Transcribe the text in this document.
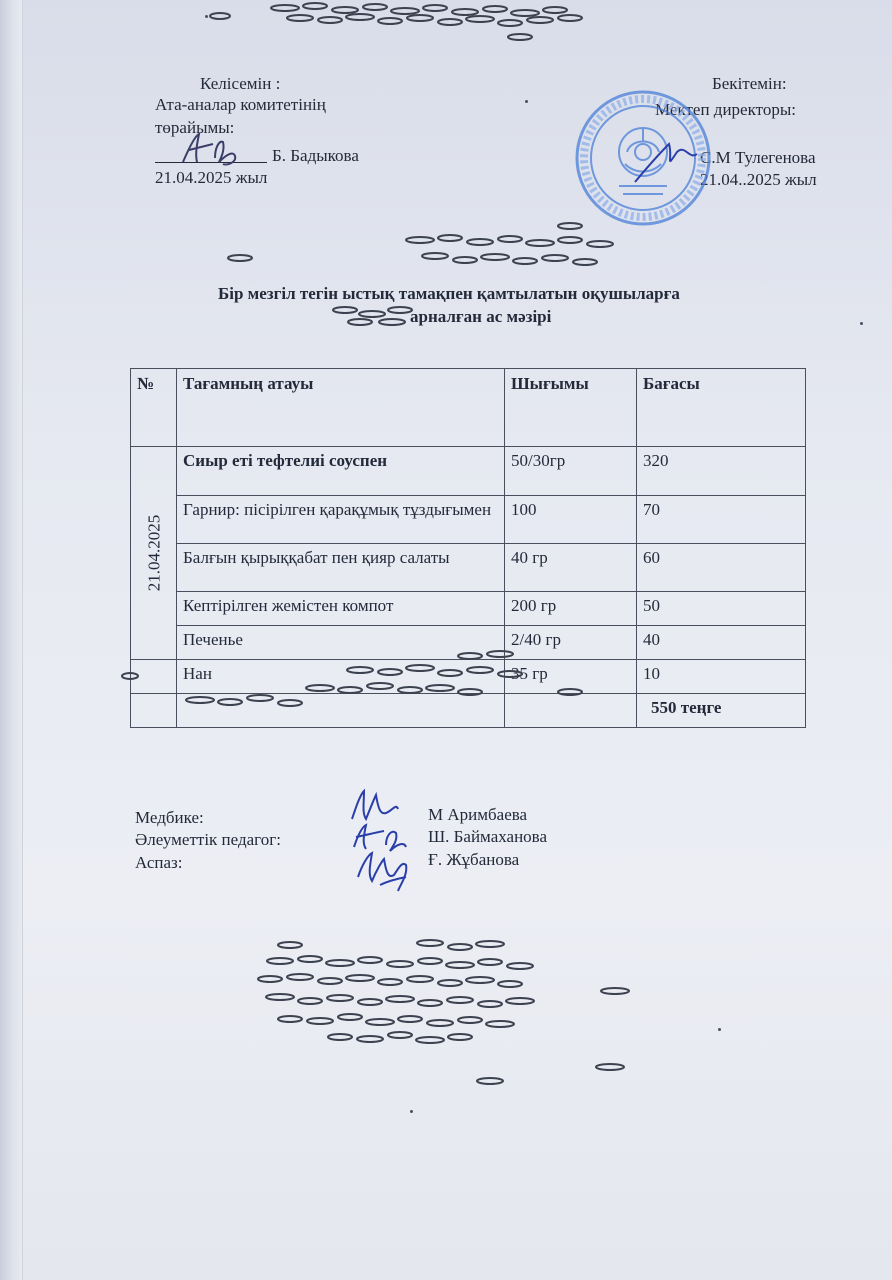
Келісемін :
Ата-аналар комитетінің
төрайымы:
Б. Бадыкова
21.04.2025 жыл
Бекітемін:
Мектеп директоры:
С.М Тулегенова
21.04..2025 жыл
Бір мезгіл тегін ыстық тамақпен қамтылатын оқушыларға
арналған ас мәзірі
№	Тағамның атауы	Шығымы	Бағасы

21.04.2025	Сиыр еті тефтелиі соуспен	50/30гр	320
	Гарнир: пісірілген қарақұмық тұздығымен	100	70
	Балғын қырыққабат пен қияр салаты	40 гр	60
	Кептірілген жемістен компот	200 гр	50
	Печенье	2/40 гр	40
	Нан	35 гр	10
			550 теңге
Медбике:	М Аримбаева
Әлеуметтік педагог:	Ш. Баймаханова
Аспаз:	Ғ. Жұбанова
